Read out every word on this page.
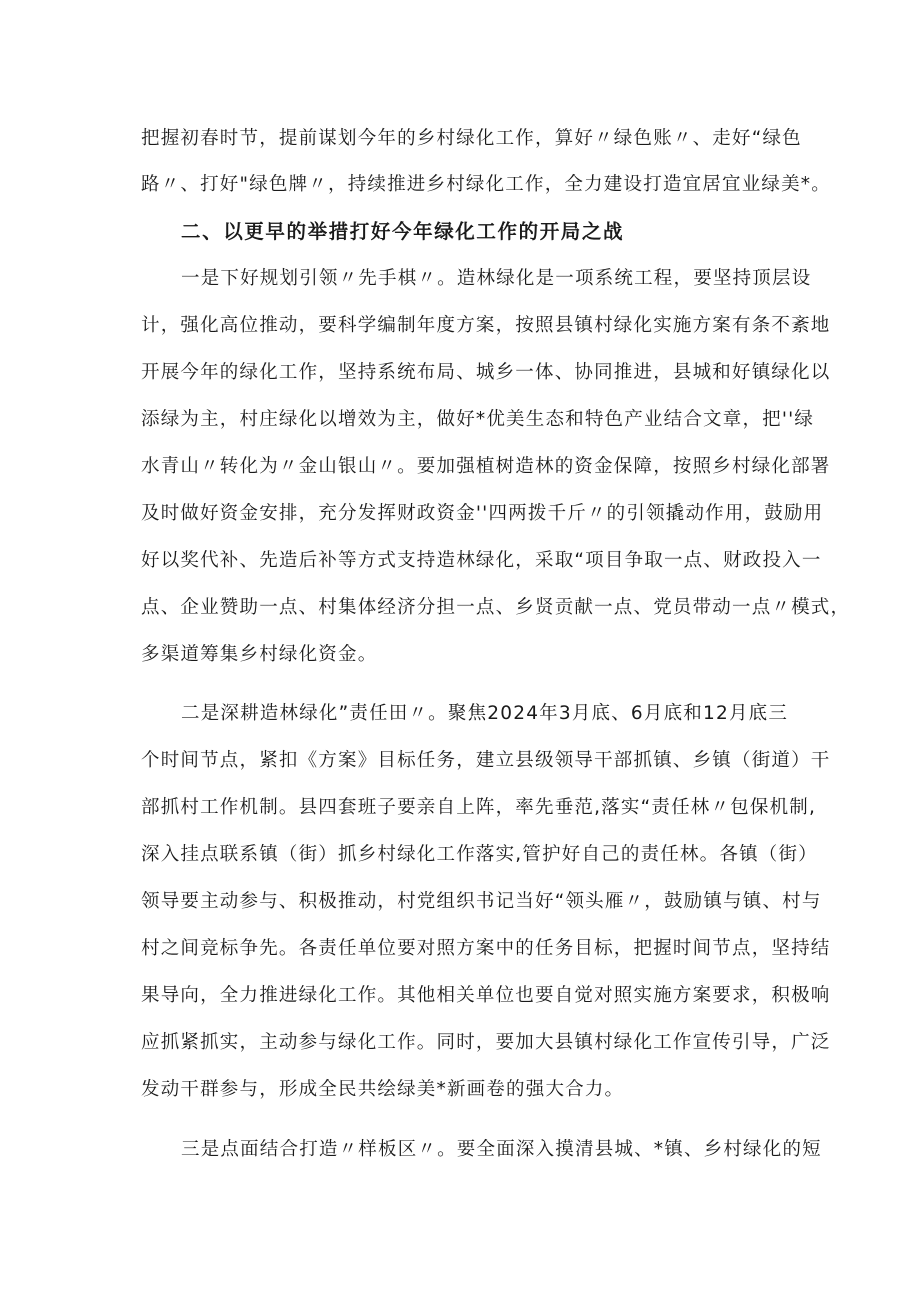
把握初春时节，提前谋划今年的乡村绿化工作，算好〃绿色账〃、走好“绿色
路〃、打好"绿色牌〃，持续推进乡村绿化工作，全力建设打造宜居宜业绿美*。
二、以更早的举措打好今年绿化工作的开局之战
一是下好规划引领〃先手棋〃。造林绿化是一项系统工程，要坚持顶层设
计，强化高位推动，要科学编制年度方案，按照县镇村绿化实施方案有条不紊地
开展今年的绿化工作，坚持系统布局、城乡一体、协同推进，县城和好镇绿化以
添绿为主，村庄绿化以增效为主，做好*优美生态和特色产业结合文章，把''绿
水青山〃转化为〃金山银山〃。要加强植树造林的资金保障，按照乡村绿化部署
及时做好资金安排，充分发挥财政资金''四两拨千斤〃的引领撬动作用，鼓励用
好以奖代补、先造后补等方式支持造林绿化，采取“项目争取一点、财政投入一
点、企业赞助一点、村集体经济分担一点、乡贤贡献一点、党员带动一点〃模式，
多渠道筹集乡村绿化资金。
二是深耕造林绿化”责任田〃。聚焦2024年3月底、6月底和12月底三
个时间节点，紧扣《方案》目标任务，建立县级领导干部抓镇、乡镇（街道）干
部抓村工作机制。县四套班子要亲自上阵，率先垂范,落实“责任林〃包保机制,
深入挂点联系镇（街）抓乡村绿化工作落实,管护好自己的责任林。各镇（街）
领导要主动参与、积极推动，村党组织书记当好“领头雁〃，鼓励镇与镇、村与
村之间竞标争先。各责任单位要对照方案中的任务目标，把握时间节点，坚持结
果导向，全力推进绿化工作。其他相关单位也要自觉对照实施方案要求，积极响
应抓紧抓实，主动参与绿化工作。同时，要加大县镇村绿化工作宣传引导，广泛
发动干群参与，形成全民共绘绿美*新画卷的强大合力。
三是点面结合打造〃样板区〃。要全面深入摸清县城、*镇、乡村绿化的短
